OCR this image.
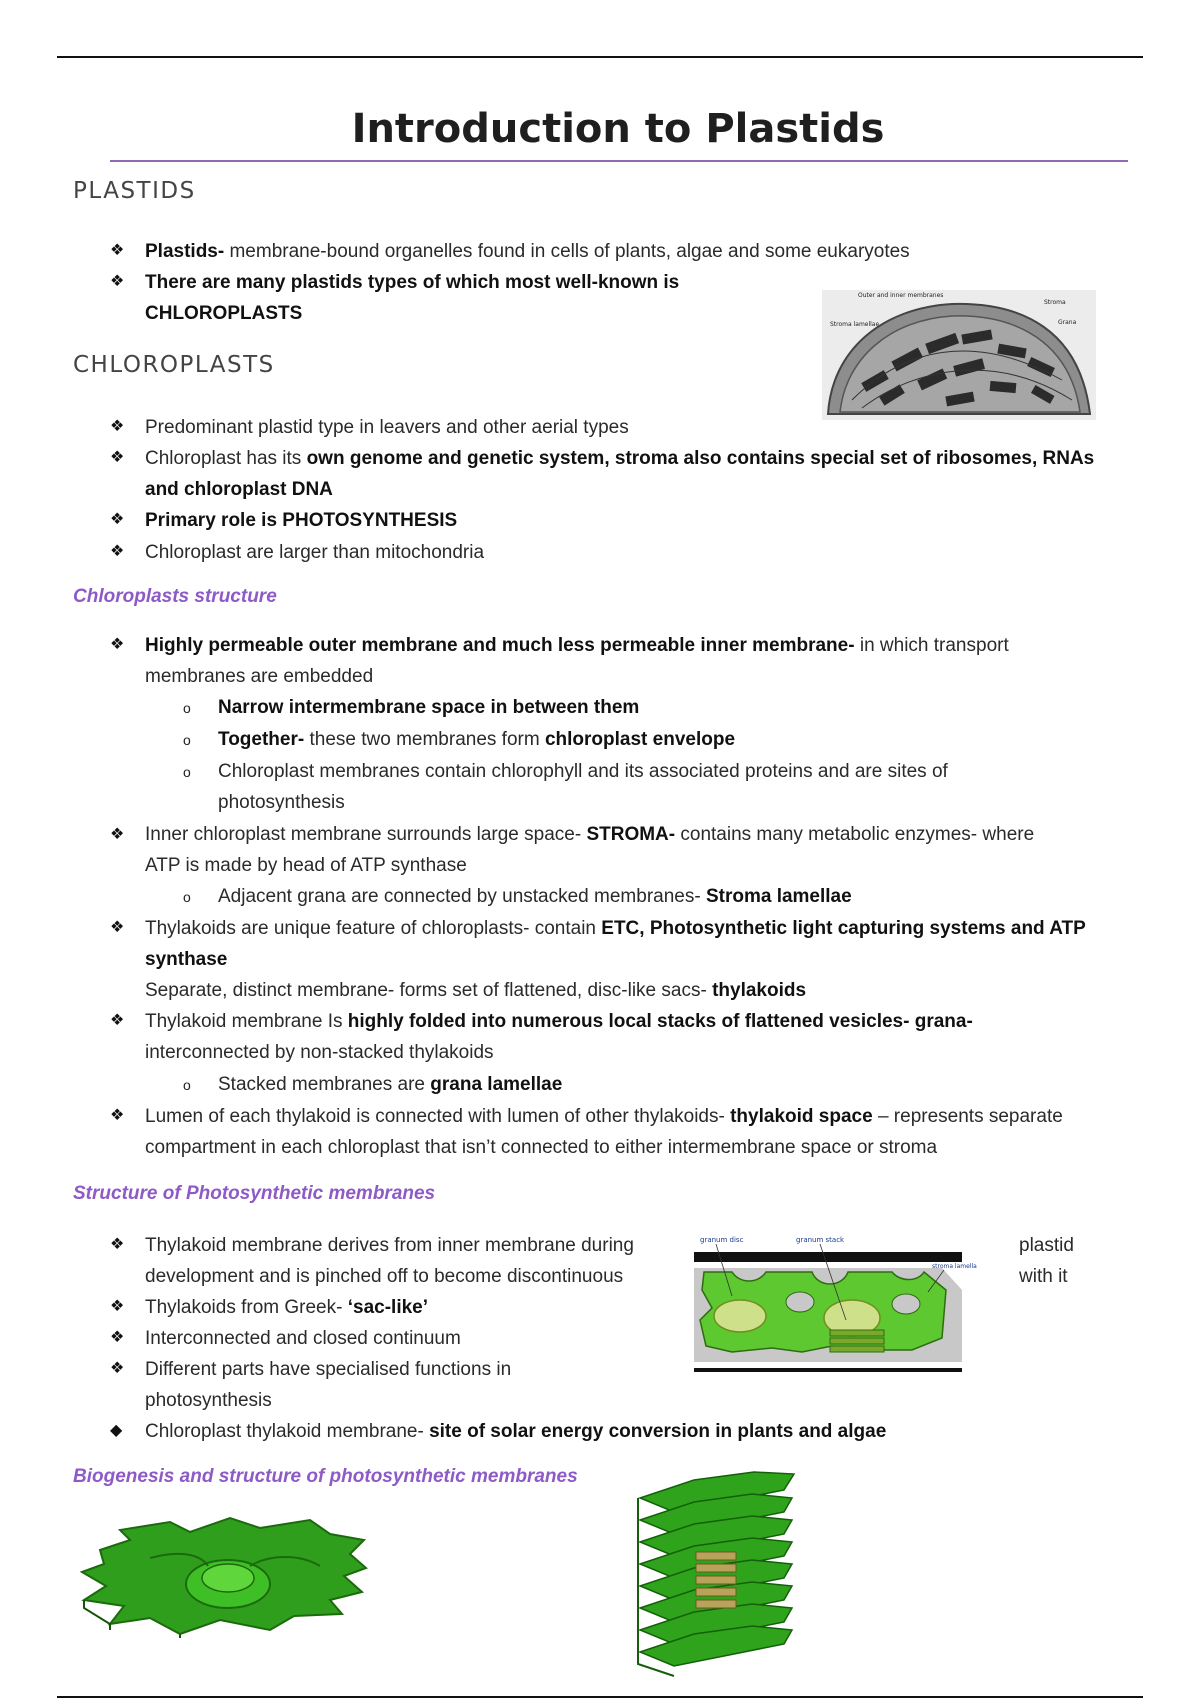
Introduction to Plastids
PLASTIDS
❖ Plastids- membrane-bound organelles found in cells of plants, algae and some eukaryotes
❖ There are many plastids types of which most well-known is
CHLOROPLASTS
Outer and inner membranes
Stroma
Grana
Stroma lamellae
CHLOROPLASTS
❖ Predominant plastid type in leavers and other aerial types
❖ Chloroplast has its own genome and genetic system, stroma also contains special set of ribosomes, RNAs
and chloroplast DNA
❖ Primary role is PHOTOSYNTHESIS
❖ Chloroplast are larger than mitochondria
Chloroplasts structure
❖ Highly permeable outer membrane and much less permeable inner membrane- in which transport
membranes are embedded
o Narrow intermembrane space in between them
o Together- these two membranes form chloroplast envelope
o Chloroplast membranes contain chlorophyll and its associated proteins and are sites of
photosynthesis
❖ Inner chloroplast membrane surrounds large space- STROMA- contains many metabolic enzymes- where
ATP is made by head of ATP synthase
o Adjacent grana are connected by unstacked membranes- Stroma lamellae
❖ Thylakoids are unique feature of chloroplasts- contain ETC, Photosynthetic light capturing systems and ATP
synthase
Separate, distinct membrane- forms set of flattened, disc-like sacs- thylakoids
❖ Thylakoid membrane Is highly folded into numerous local stacks of flattened vesicles- grana-
interconnected by non-stacked thylakoids
o Stacked membranes are grana lamellae
❖ Lumen of each thylakoid is connected with lumen of other thylakoids- thylakoid space – represents separate
compartment in each chloroplast that isn’t connected to either intermembrane space or stroma
Structure of Photosynthetic membranes
❖ Thylakoid membrane derives from inner membrane during
development and is pinched off to become discontinuous
plastid
with it
❖ Thylakoids from Greek- ‘sac-like’
❖ Interconnected and closed continuum
❖ Different parts have specialised functions in
photosynthesis
◆ Chloroplast thylakoid membrane- site of solar energy conversion in plants and algae
granum disc	granum stack
stroma lamella
Biogenesis and structure of photosynthetic membranes
